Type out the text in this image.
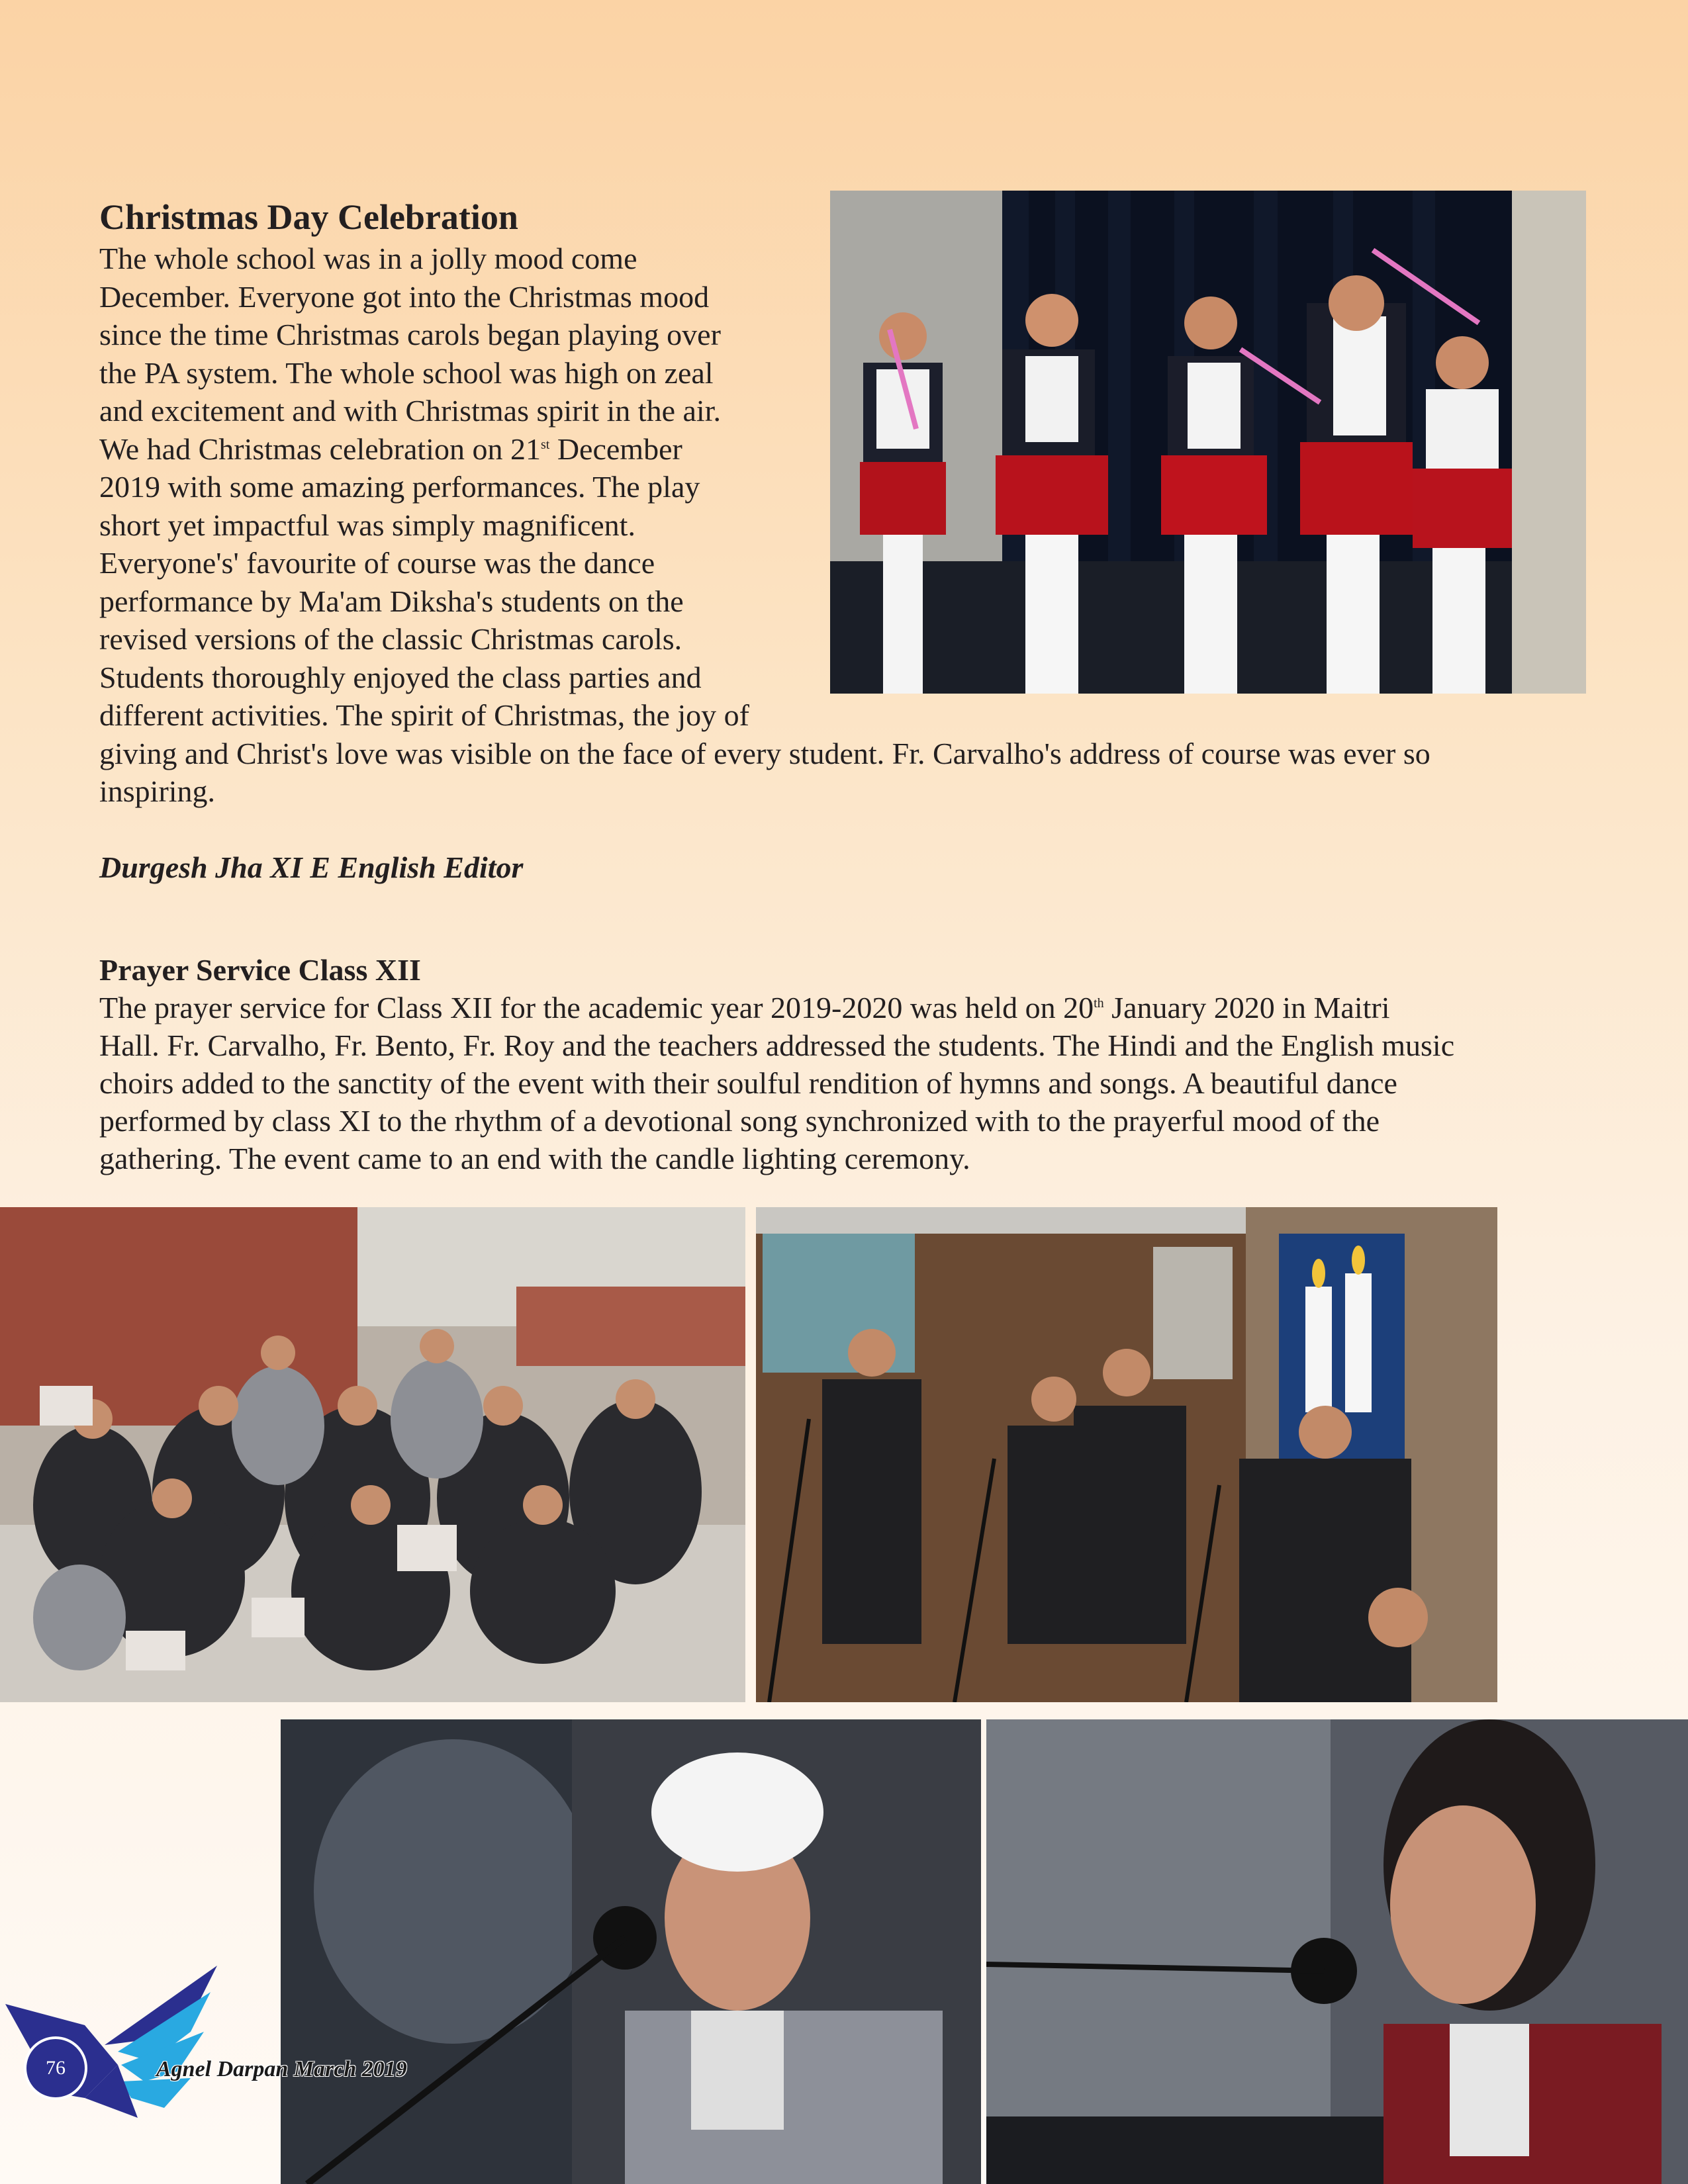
Christmas Day Celebration

The whole school was in a jolly mood come

December. Everyone got into the Christmas mood

since the time Christmas carols began playing over

the PA system. The whole school was high on zeal

and excitement and with Christmas spirit in the air.

We had Christmas celebration on 21st December

2019 with some amazing performances. The play

short yet impactful was simply magnificent.

Everyone's' favourite of course was the dance

performance by Ma'am Diksha's students on the

revised versions of the classic Christmas carols.

Students thoroughly enjoyed the class parties and

different activities. The spirit of Christmas, the joy of

giving and Christ's love was visible on the face of every student. Fr. Carvalho's address of course was ever so

inspiring.

Durgesh Jha XI E English Editor
Prayer Service Class XII

The prayer service for Class XII for the academic year 2019-2020 was held on 20th January 2020 in Maitri

Hall. Fr. Carvalho, Fr. Bento, Fr. Roy and the teachers addressed the students. The Hindi and the English music

choirs added to the sanctity of the event with their soulful rendition of hymns and songs. A beautiful dance

performed by class XI to the rhythm of a devotional song synchronized with to the prayerful mood of the

gathering. The event came to an end with the candle lighting ceremony.

76	Agnel Darpan March 2019
